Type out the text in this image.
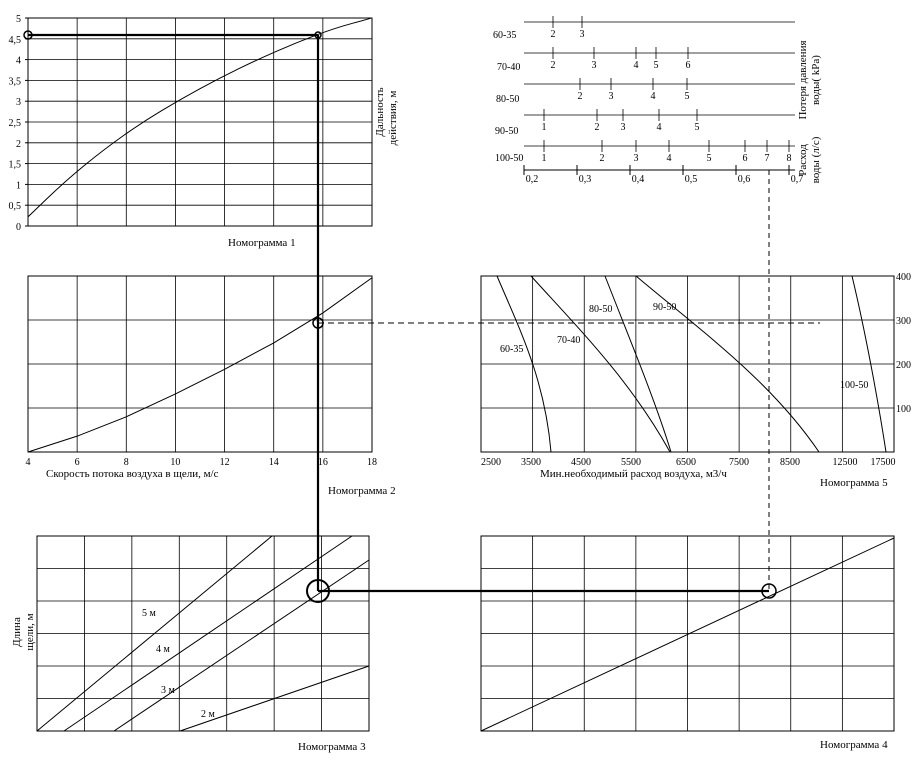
0
0,5
1
1,5
2
2,5
3
3,5
4
4,5
5
4	6	8	10	12	14	16	18
5 м
4 м
3 м
2 м
2500 3500	4500	5500	6500	7500	8500	12500 17500
100
200
300
400
60-35
70-40
80-50	90-50
100-50
60-35	2 3
70-40	2	3	4 5	6
80-50	2	3	4	5
90-50 1	2 3	4	5
100-50 1	2	3	4	5	6 7 8
0,2	0,3	0,4	0,5	0,6	0,7
Номограмма 1
Дальность действия, м
Скорость потока воздуха в щели, м/с
Номограмма 2
Номограмма 3
Длина щели, м
Номограмма 4
Мин.необходимый расход воздуха, м3/ч
Номограмма 5
Потеря давления воды( kPa)
Расход воды (л/с)
